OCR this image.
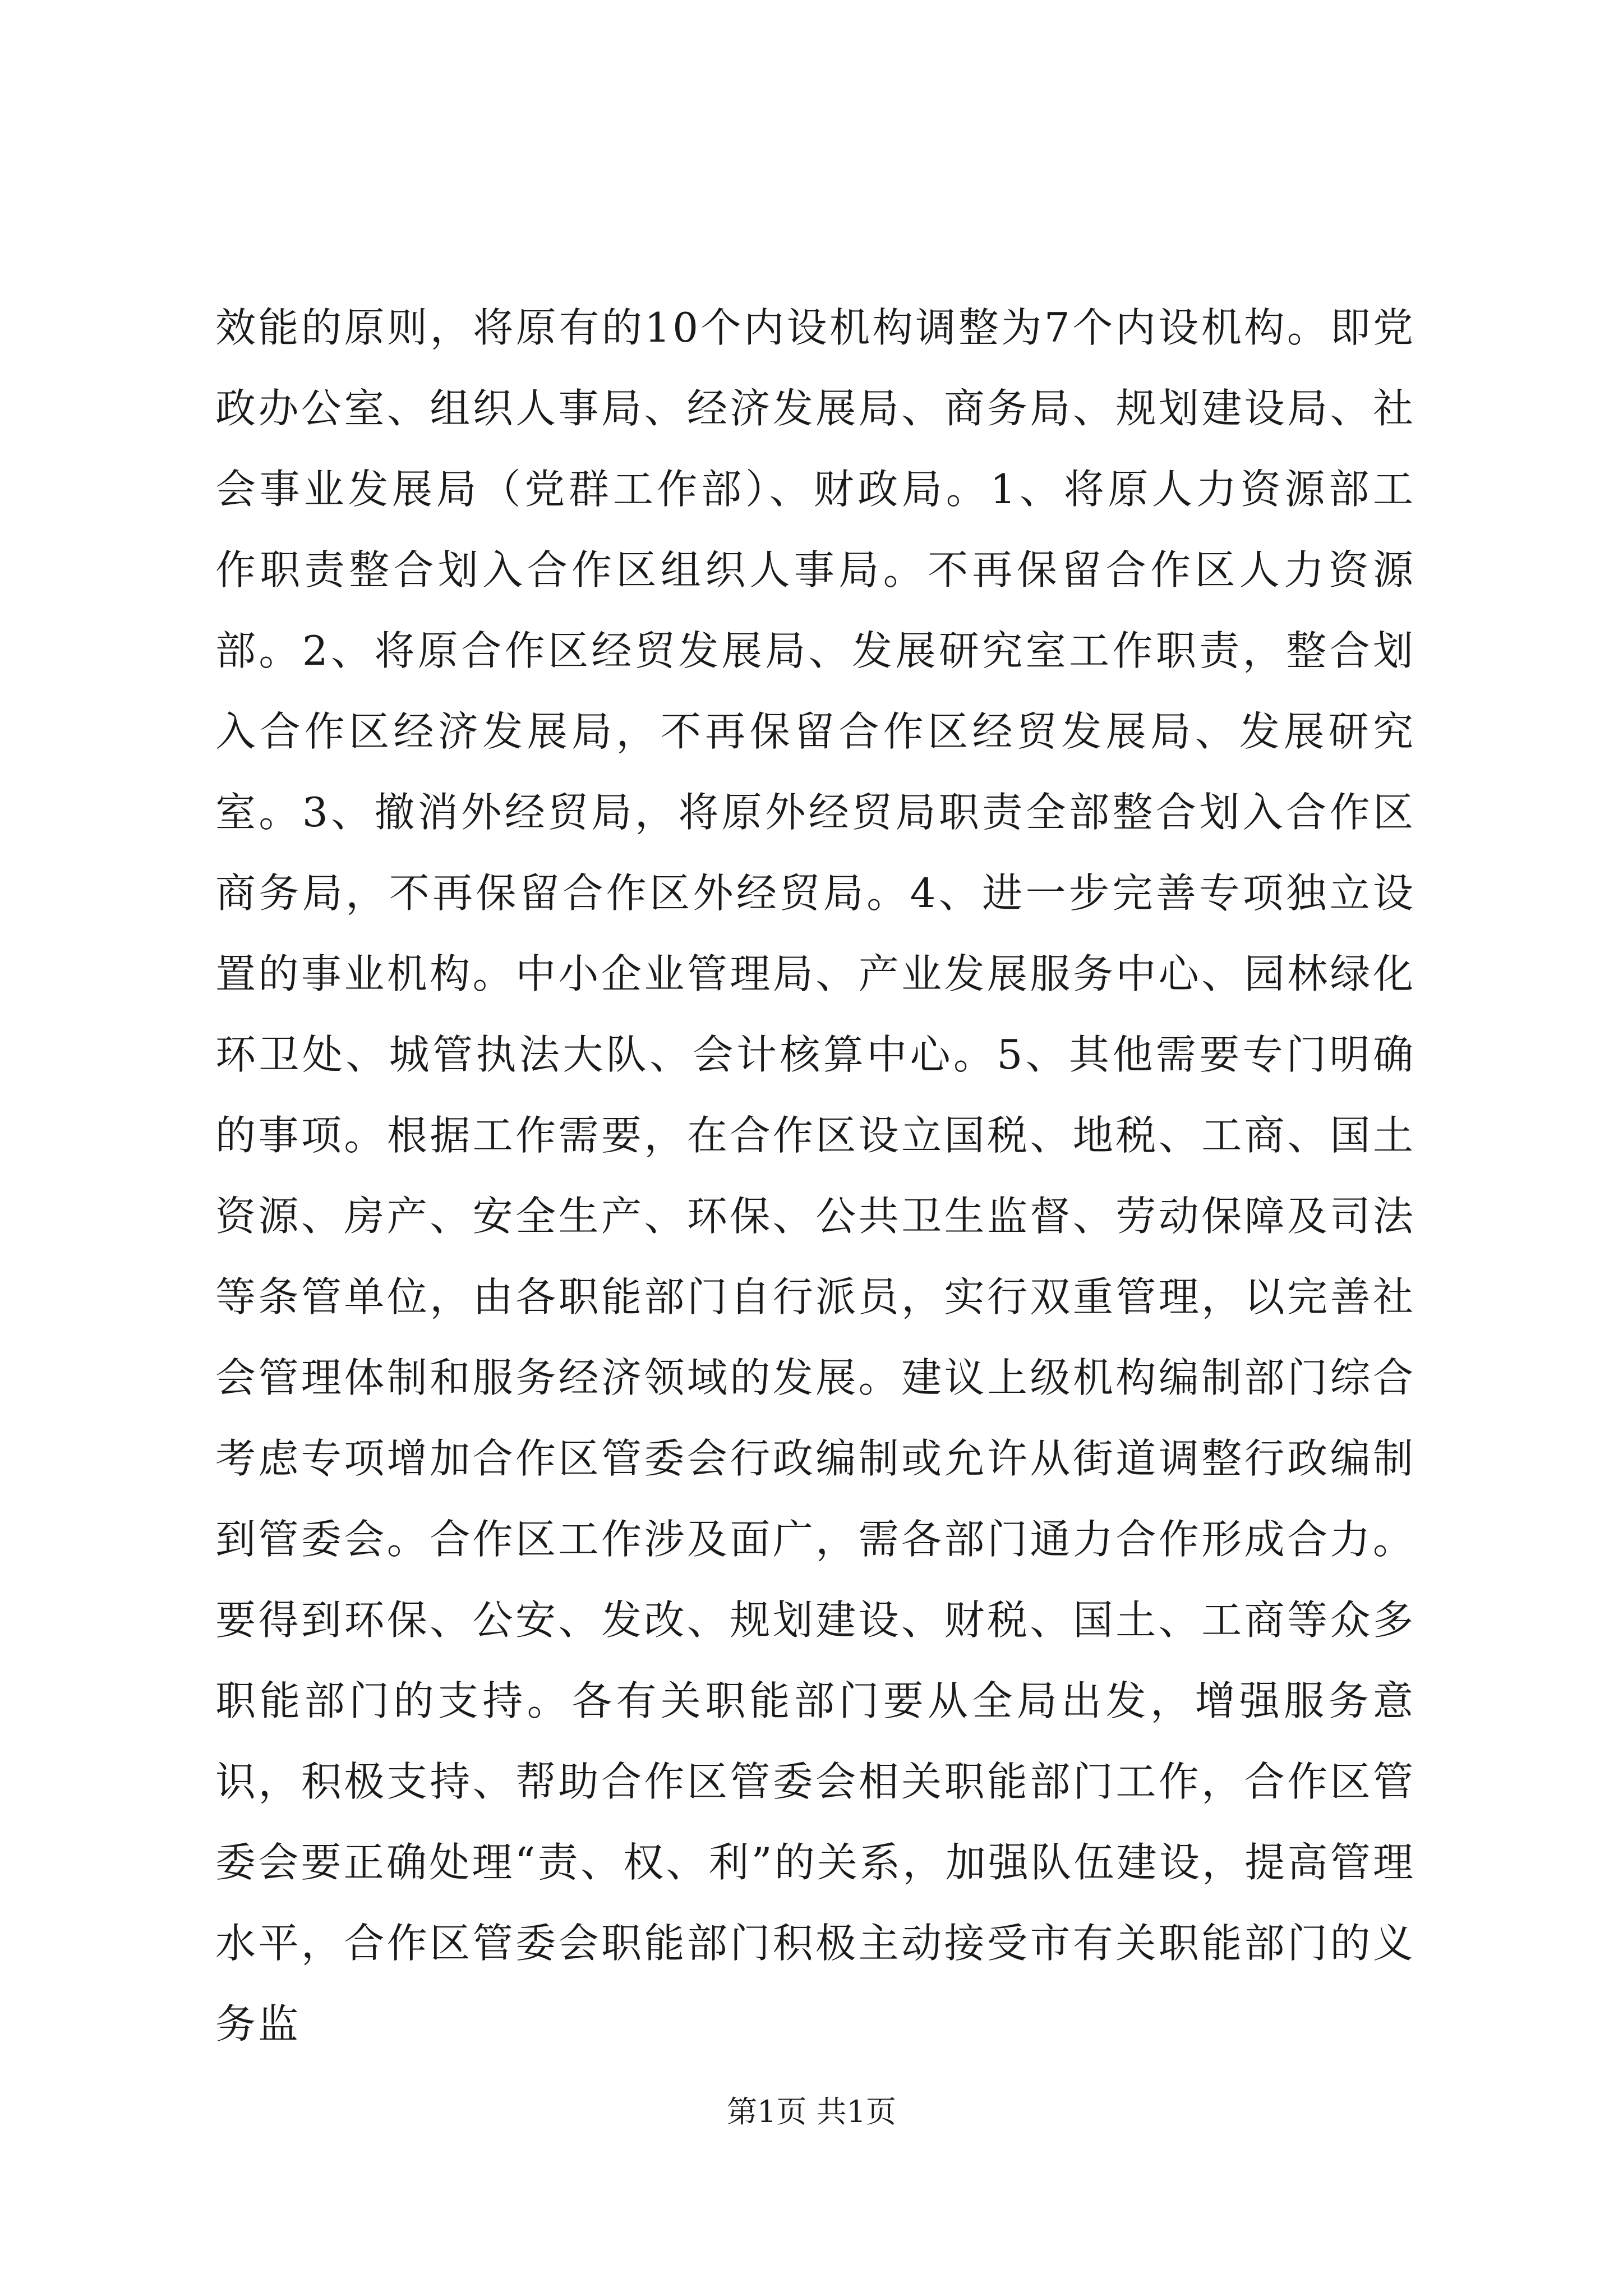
效能的原则，将原有的10个内设机构调整为7个内设机构。即党政办公室、组织人事局、经济发展局、商务局、规划建设局、社会事业发展局（党群工作部）、财政局。1、将原人力资源部工作职责整合划入合作区组织人事局。不再保留合作区人力资源部。2、将原合作区经贸发展局、发展研究室工作职责，整合划入合作区经济发展局，不再保留合作区经贸发展局、发展研究室。3、撤消外经贸局，将原外经贸局职责全部整合划入合作区商务局，不再保留合作区外经贸局。4、进一步完善专项独立设置的事业机构。中小企业管理局、产业发展服务中心、园林绿化环卫处、城管执法大队、会计核算中心。5、其他需要专门明确的事项。根据工作需要，在合作区设立国税、地税、工商、国土资源、房产、安全生产、环保、公共卫生监督、劳动保障及司法等条管单位，由各职能部门自行派员，实行双重管理，以完善社会管理体制和服务经济领域的发展。建议上级机构编制部门综合考虑专项增加合作区管委会行政编制或允许从街道调整行政编制到管委会。合作区工作涉及面广，需各部门通力合作形成合力。要得到环保、公安、发改、规划建设、财税、国土、工商等众多职能部门的支持。各有关职能部门要从全局出发，增强服务意识，积极支持、帮助合作区管委会相关职能部门工作，合作区管委会要正确处理“责、权、利”的关系，加强队伍建设，提高管理水平，合作区管委会职能部门积极主动接受市有关职能部门的义务监

第1页 共1页
